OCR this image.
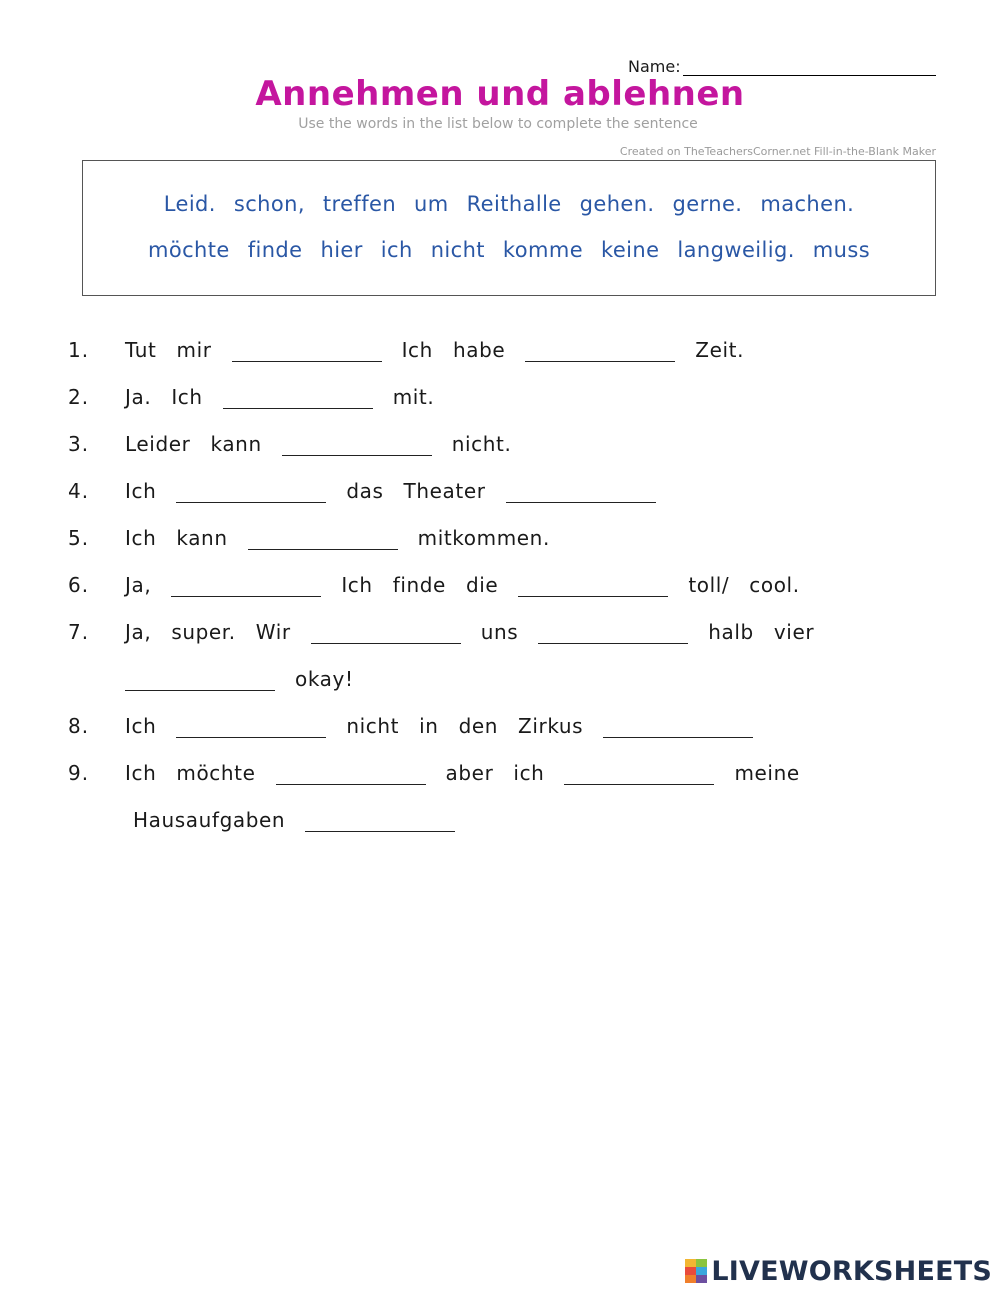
Name:
Annehmen und ablehnen
Use the words in the list below to complete the sentence
Created on TheTeachersCorner.net Fill-in-the-Blank Maker
Leid. schon, treffen um Reithalle gehen. gerne. machen.
möchte finde hier ich nicht komme keine langweilig. muss
1.	Tut mir	Ich habe	Zeit.
2.	Ja. Ich	mit.
3.	Leider kann	nicht.
4.	Ich	das Theater
5.	Ich kann	mitkommen.
6.	Ja,	Ich finde die	toll/ cool.
7.	Ja, super. Wir	uns	halb vier
okay!
8.	Ich	nicht in den Zirkus
9.	Ich möchte	aber ich	meine
Hausaufgaben
LIVEWORKSHEETS
